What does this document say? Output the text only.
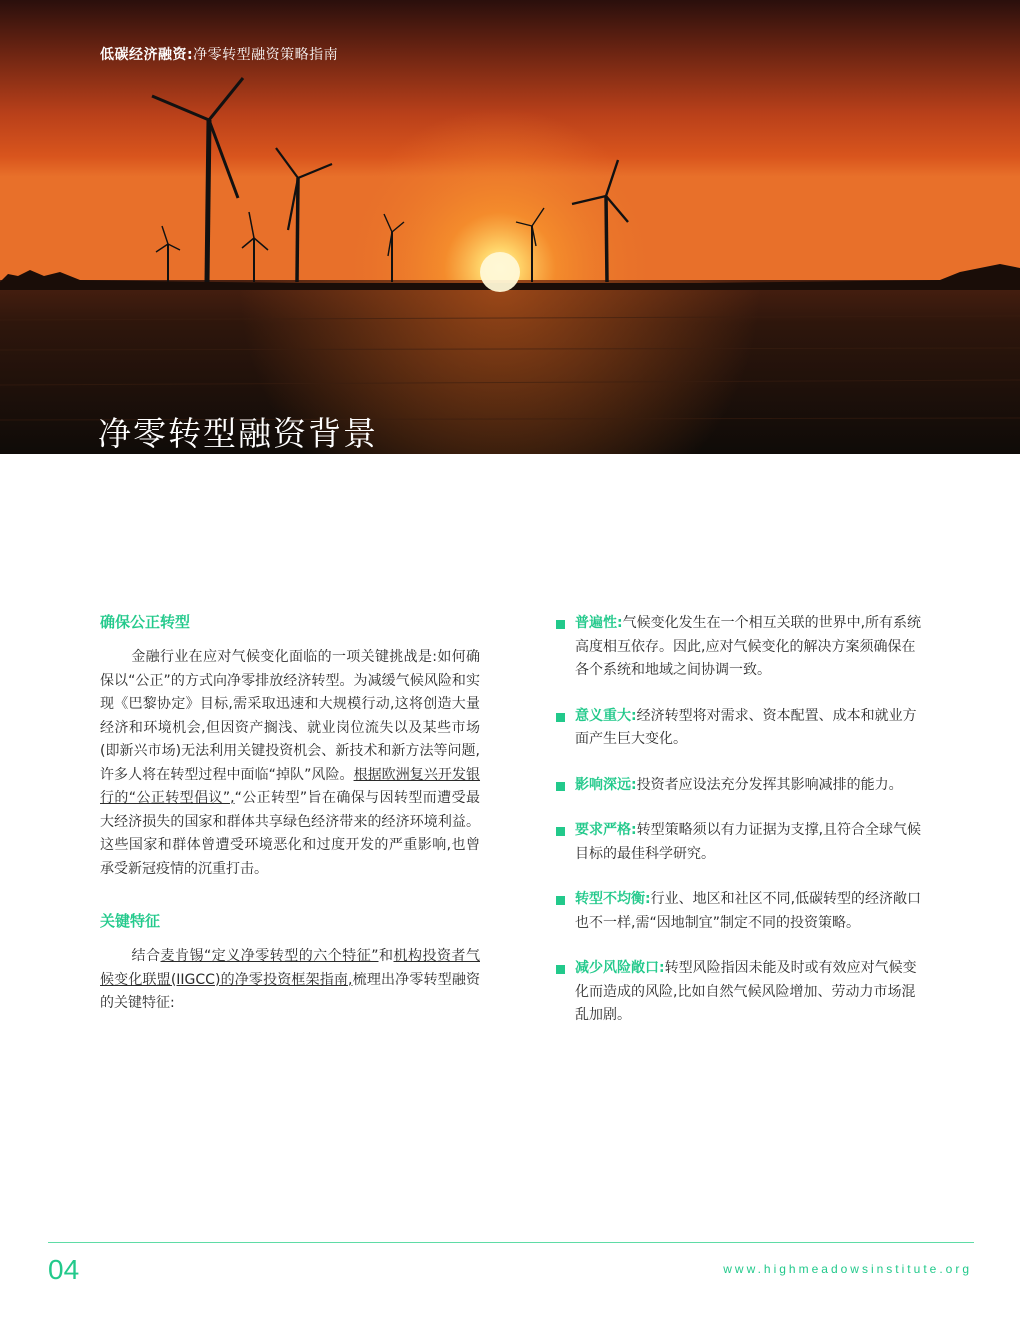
低碳经济融资:净零转型融资策略指南
净零转型融资背景
确保公正转型

金融行业在应对气候变化面临的一项关键挑战是:如何确保以“公正”的方式向净零排放经济转型。为减缓气候风险和实现《巴黎协定》目标,需采取迅速和大规模行动,这将创造大量经济和环境机会,但因资产搁浅、就业岗位流失以及某些市场(即新兴市场)无法利用关键投资机会、新技术和新方法等问题,许多人将在转型过程中面临“掉队”风险。根据欧洲复兴开发银行的“公正转型倡议”,“公正转型”旨在确保与因转型而遭受最大经济损失的国家和群体共享绿色经济带来的经济环境利益。这些国家和群体曾遭受环境恶化和过度开发的严重影响,也曾承受新冠疫情的沉重打击。

关键特征

结合麦肯锡“定义净零转型的六个特征”和机构投资者气候变化联盟(IIGCC)的净零投资框架指南,梳理出净零转型融资的关键特征:

普遍性:气候变化发生在一个相互关联的世界中,所有系统高度相互依存。因此,应对气候变化的解决方案须确保在各个系统和地域之间协调一致。
意义重大:经济转型将对需求、资本配置、成本和就业方面产生巨大变化。
影响深远:投资者应设法充分发挥其影响减排的能力。
要求严格:转型策略须以有力证据为支撑,且符合全球气候目标的最佳科学研究。
转型不均衡:行业、地区和社区不同,低碳转型的经济敞口也不一样,需“因地制宜”制定不同的投资策略。
减少风险敞口:转型风险指因未能及时或有效应对气候变化而造成的风险,比如自然气候风险增加、劳动力市场混乱加剧。
04	www.highmeadowsinstitute.org
